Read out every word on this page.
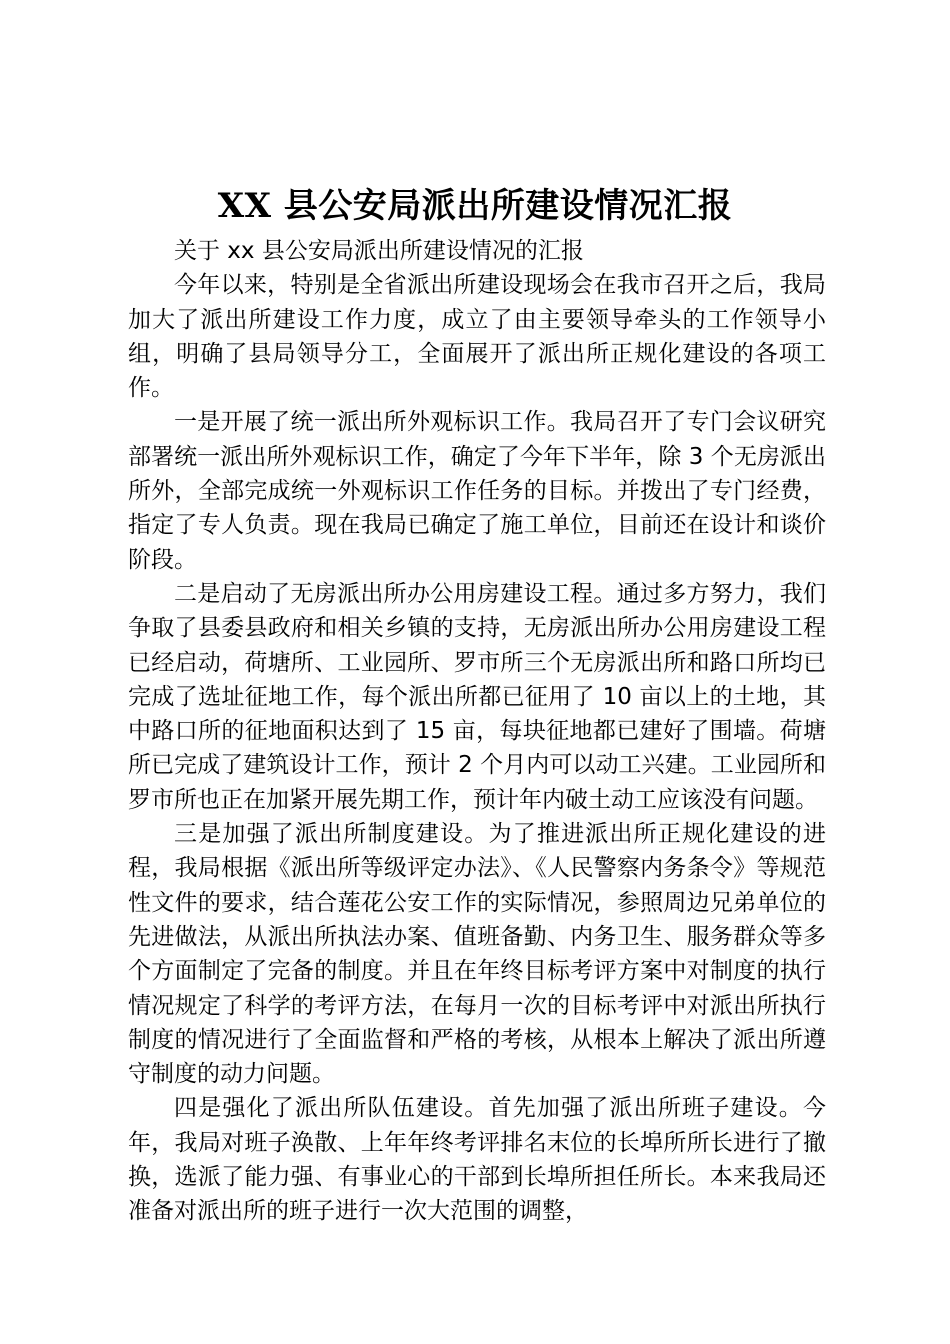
XX 县公安局派出所建设情况汇报

关于 xx 县公安局派出所建设情况的汇报

今年以来，特别是全省派出所建设现场会在我市召开之后，我局加大了派出所建设工作力度，成立了由主要领导牵头的工作领导小组，明确了县局领导分工，全面展开了派出所正规化建设的各项工作。

一是开展了统一派出所外观标识工作。我局召开了专门会议研究部署统一派出所外观标识工作，确定了今年下半年，除 3 个无房派出所外，全部完成统一外观标识工作任务的目标。并拨出了专门经费，指定了专人负责。现在我局已确定了施工单位，目前还在设计和谈价阶段。

二是启动了无房派出所办公用房建设工程。通过多方努力，我们争取了县委县政府和相关乡镇的支持，无房派出所办公用房建设工程已经启动，荷塘所、工业园所、罗市所三个无房派出所和路口所均已完成了选址征地工作，每个派出所都已征用了 10 亩以上的土地，其中路口所的征地面积达到了 15 亩，每块征地都已建好了围墙。荷塘所已完成了建筑设计工作，预计 2 个月内可以动工兴建。工业园所和罗市所也正在加紧开展先期工作，预计年内破土动工应该没有问题。

三是加强了派出所制度建设。为了推进派出所正规化建设的进程，我局根据《派出所等级评定办法》、《人民警察内务条令》等规范性文件的要求，结合莲花公安工作的实际情况，参照周边兄弟单位的先进做法，从派出所执法办案、值班备勤、内务卫生、服务群众等多个方面制定了完备的制度。并且在年终目标考评方案中对制度的执行情况规定了科学的考评方法，在每月一次的目标考评中对派出所执行制度的情况进行了全面监督和严格的考核，从根本上解决了派出所遵守制度的动力问题。

四是强化了派出所队伍建设。首先加强了派出所班子建设。今年，我局对班子涣散、上年年终考评排名末位的长埠所所长进行了撤换，选派了能力强、有事业心的干部到长埠所担任所长。本来我局还准备对派出所的班子进行一次大范围的调整，
